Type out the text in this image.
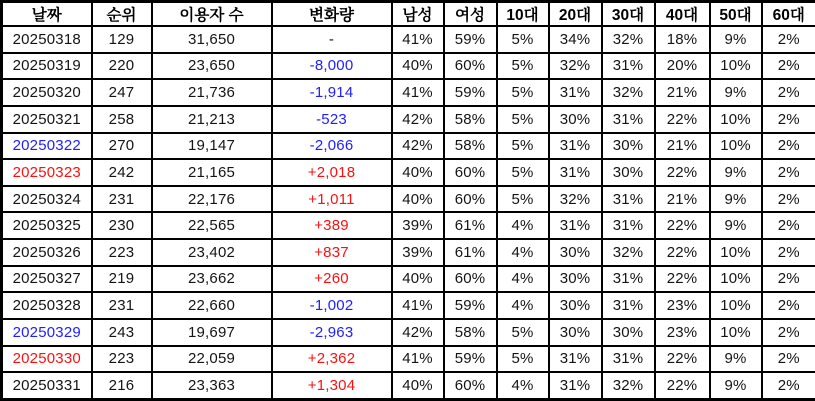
날짜	순위	이용자 수	변화량	남성	여성	10대	20대	30대	40대	50대	60대
20250318	129	31,650	-	41%	59%	5%	34%	32%	18%	9%	2%
20250319	220	23,650	-8,000	40%	60%	5%	32%	31%	20%	10%	2%
20250320	247	21,736	-1,914	41%	59%	5%	31%	32%	21%	9%	2%
20250321	258	21,213	-523	42%	58%	5%	30%	31%	22%	10%	2%
20250322	270	19,147	-2,066	42%	58%	5%	31%	30%	21%	10%	2%
20250323	242	21,165	+2,018	40%	60%	5%	31%	30%	22%	9%	2%
20250324	231	22,176	+1,011	40%	60%	5%	32%	31%	21%	9%	2%
20250325	230	22,565	+389	39%	61%	4%	31%	31%	22%	9%	2%
20250326	223	23,402	+837	39%	61%	4%	30%	32%	22%	10%	2%
20250327	219	23,662	+260	40%	60%	4%	30%	31%	22%	10%	2%
20250328	231	22,660	-1,002	41%	59%	4%	30%	31%	23%	10%	2%
20250329	243	19,697	-2,963	42%	58%	5%	30%	30%	23%	10%	2%
20250330	223	22,059	+2,362	41%	59%	5%	31%	31%	22%	9%	2%
20250331	216	23,363	+1,304	40%	60%	4%	31%	32%	22%	9%	2%
